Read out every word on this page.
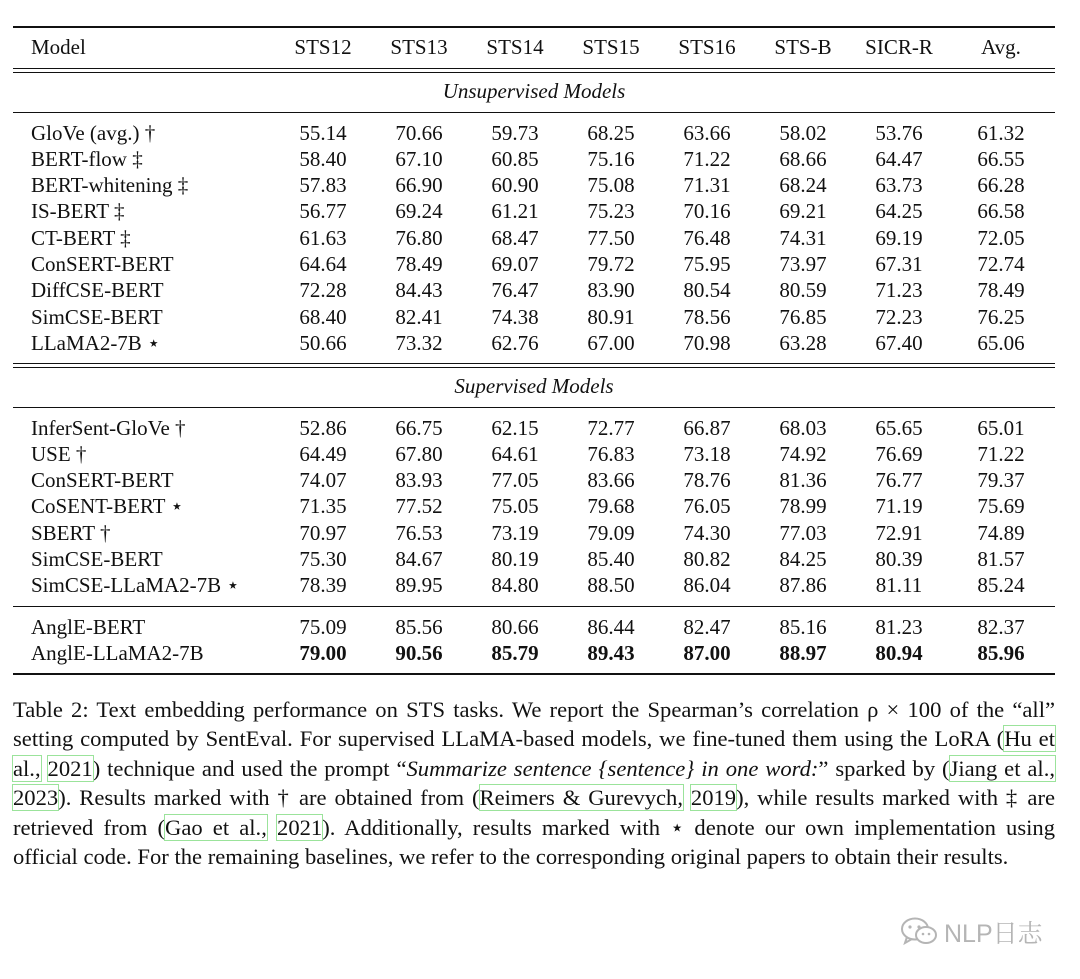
Model	STS12	STS13	STS14	STS15	STS16	STS-B	SICR-R	Avg.

Unsupervised Models								

GloVe (avg.) †	55.14	70.66	59.73	68.25	63.66	58.02	53.76	61.32
BERT-flow ‡	58.40	67.10	60.85	75.16	71.22	68.66	64.47	66.55
BERT-whitening ‡	57.83	66.90	60.90	75.08	71.31	68.24	63.73	66.28
IS-BERT ‡	56.77	69.24	61.21	75.23	70.16	69.21	64.25	66.58
CT-BERT ‡	61.63	76.80	68.47	77.50	76.48	74.31	69.19	72.05
ConSERT-BERT	64.64	78.49	69.07	79.72	75.95	73.97	67.31	72.74
DiffCSE-BERT	72.28	84.43	76.47	83.90	80.54	80.59	71.23	78.49
SimCSE-BERT	68.40	82.41	74.38	80.91	78.56	76.85	72.23	76.25
LLaMA2-7B ⋆	50.66	73.32	62.76	67.00	70.98	63.28	67.40	65.06

Supervised Models								

InferSent-GloVe †	52.86	66.75	62.15	72.77	66.87	68.03	65.65	65.01
USE †	64.49	67.80	64.61	76.83	73.18	74.92	76.69	71.22
ConSERT-BERT	74.07	83.93	77.05	83.66	78.76	81.36	76.77	79.37
CoSENT-BERT ⋆	71.35	77.52	75.05	79.68	76.05	78.99	71.19	75.69
SBERT †	70.97	76.53	73.19	79.09	74.30	77.03	72.91	74.89
SimCSE-BERT	75.30	84.67	80.19	85.40	80.82	84.25	80.39	81.57
SimCSE-LLaMA2-7B ⋆	78.39	89.95	84.80	88.50	86.04	87.86	81.11	85.24

AnglE-BERT	75.09	85.56	80.66	86.44	82.47	85.16	81.23	82.37
AnglE-LLaMA2-7B	79.00	90.56	85.79	89.43	87.00	88.97	80.94	85.96

Table 2: Text embedding performance on STS tasks. We report the Spearman’s correlation ρ × 100 of the “all” setting computed by SentEval. For supervised LLaMA-based models, we fine-tuned them using the LoRA (Hu et al., 2021) technique and used the prompt “Summarize sentence {sentence} in one word:” sparked by (Jiang et al., 2023). Results marked with † are obtained from (Reimers & Gurevych, 2019), while results marked with ‡ are retrieved from (Gao et al., 2021). Additionally, results marked with ⋆ denote our own implementation using official code. For the remaining baselines, we refer to the corresponding original papers to obtain their results.
NLP日志
